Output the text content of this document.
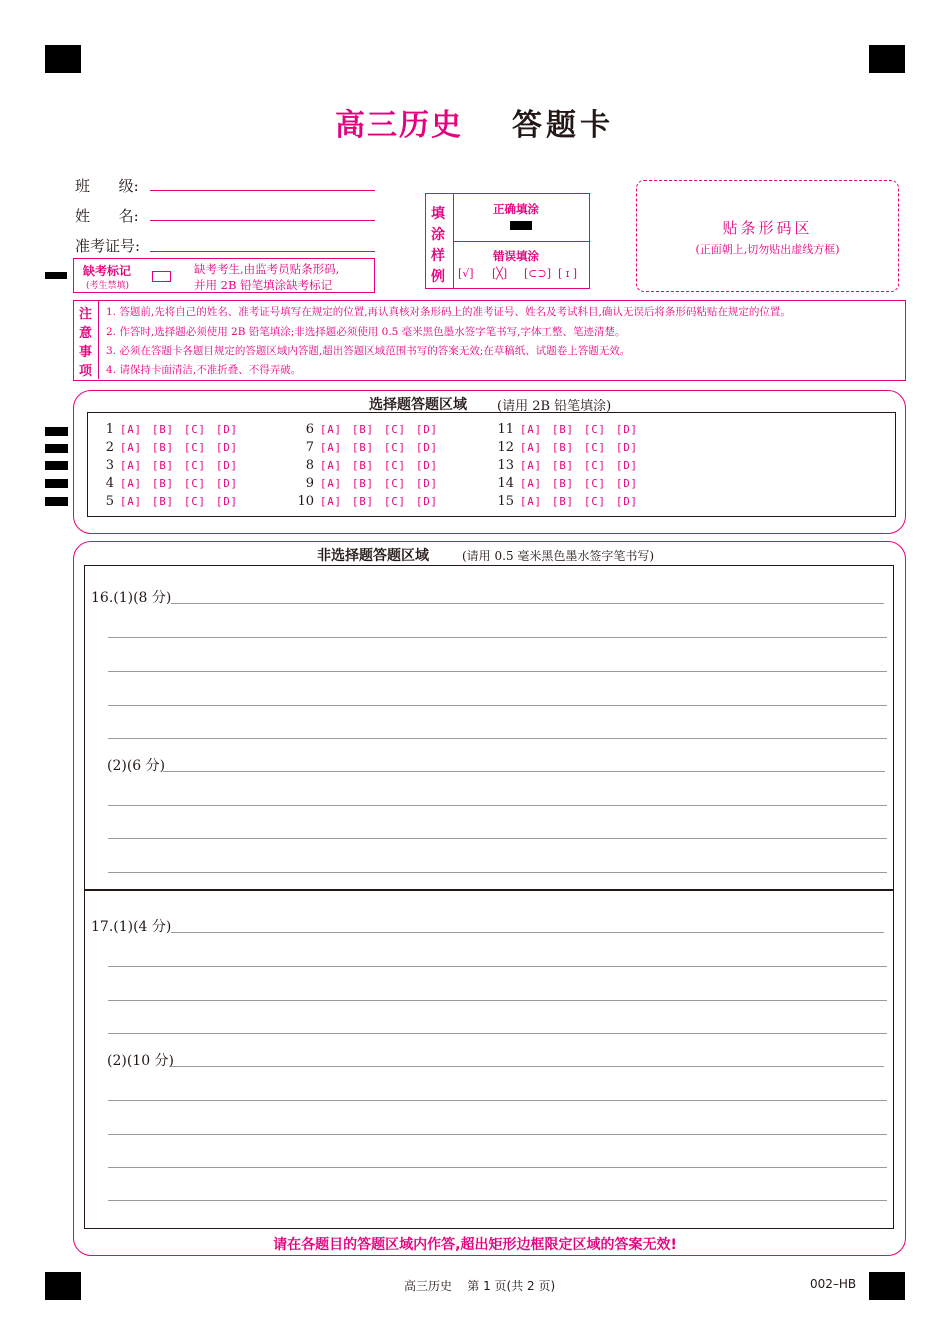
高三历史 答题卡
班      级:
姓      名:
准考证号:
缺考标记
(考生禁填)
缺考考生,由监考员贴条形码,
并用 2B 铅笔填涂缺考标记
填
涂
样
例
正确填涂
错误填涂
[√] [╳] [⊂⊃] [ ɪ ]
贴条形码区
(正面朝上,切勿贴出虚线方框)
注
意
事
项
1. 答题前,先将自己的姓名、准考证号填写在规定的位置,再认真核对条形码上的准考证号、姓名及考试科目,确认无误后将条形码粘贴在规定的位置。
2. 作答时,选择题必须使用 2B 铅笔填涂;非选择题必须使用 0.5 毫米黑色墨水签字笔书写,字体工整、笔迹清楚。
3. 必须在答题卡各题目规定的答题区域内答题,超出答题区域范围书写的答案无效;在草稿纸、试题卷上答题无效。
4. 请保持卡面清洁,不准折叠、不得弄破。
选择题答题区域 (请用 2B 铅笔填涂)
1 [A] [B] [C] [D]
2 [A] [B] [C] [D]
3 [A] [B] [C] [D]
4 [A] [B] [C] [D]
5 [A] [B] [C] [D]
6 [A] [B] [C] [D]
7 [A] [B] [C] [D]
8 [A] [B] [C] [D]
9 [A] [B] [C] [D]
10 [A] [B] [C] [D]
11 [A] [B] [C] [D]
12 [A] [B] [C] [D]
13 [A] [B] [C] [D]
14 [A] [B] [C] [D]
15 [A] [B] [C] [D]
非选择题答题区域	(请用 0.5 毫米黑色墨水签字笔书写)
16.(1)(8 分)
(2)(6 分)
17.(1)(4 分)
(2)(10 分)
请在各题目的答题区域内作答,超出矩形边框限定区域的答案无效!
高三历史    第 1 页(共 2 页)	002–HB
